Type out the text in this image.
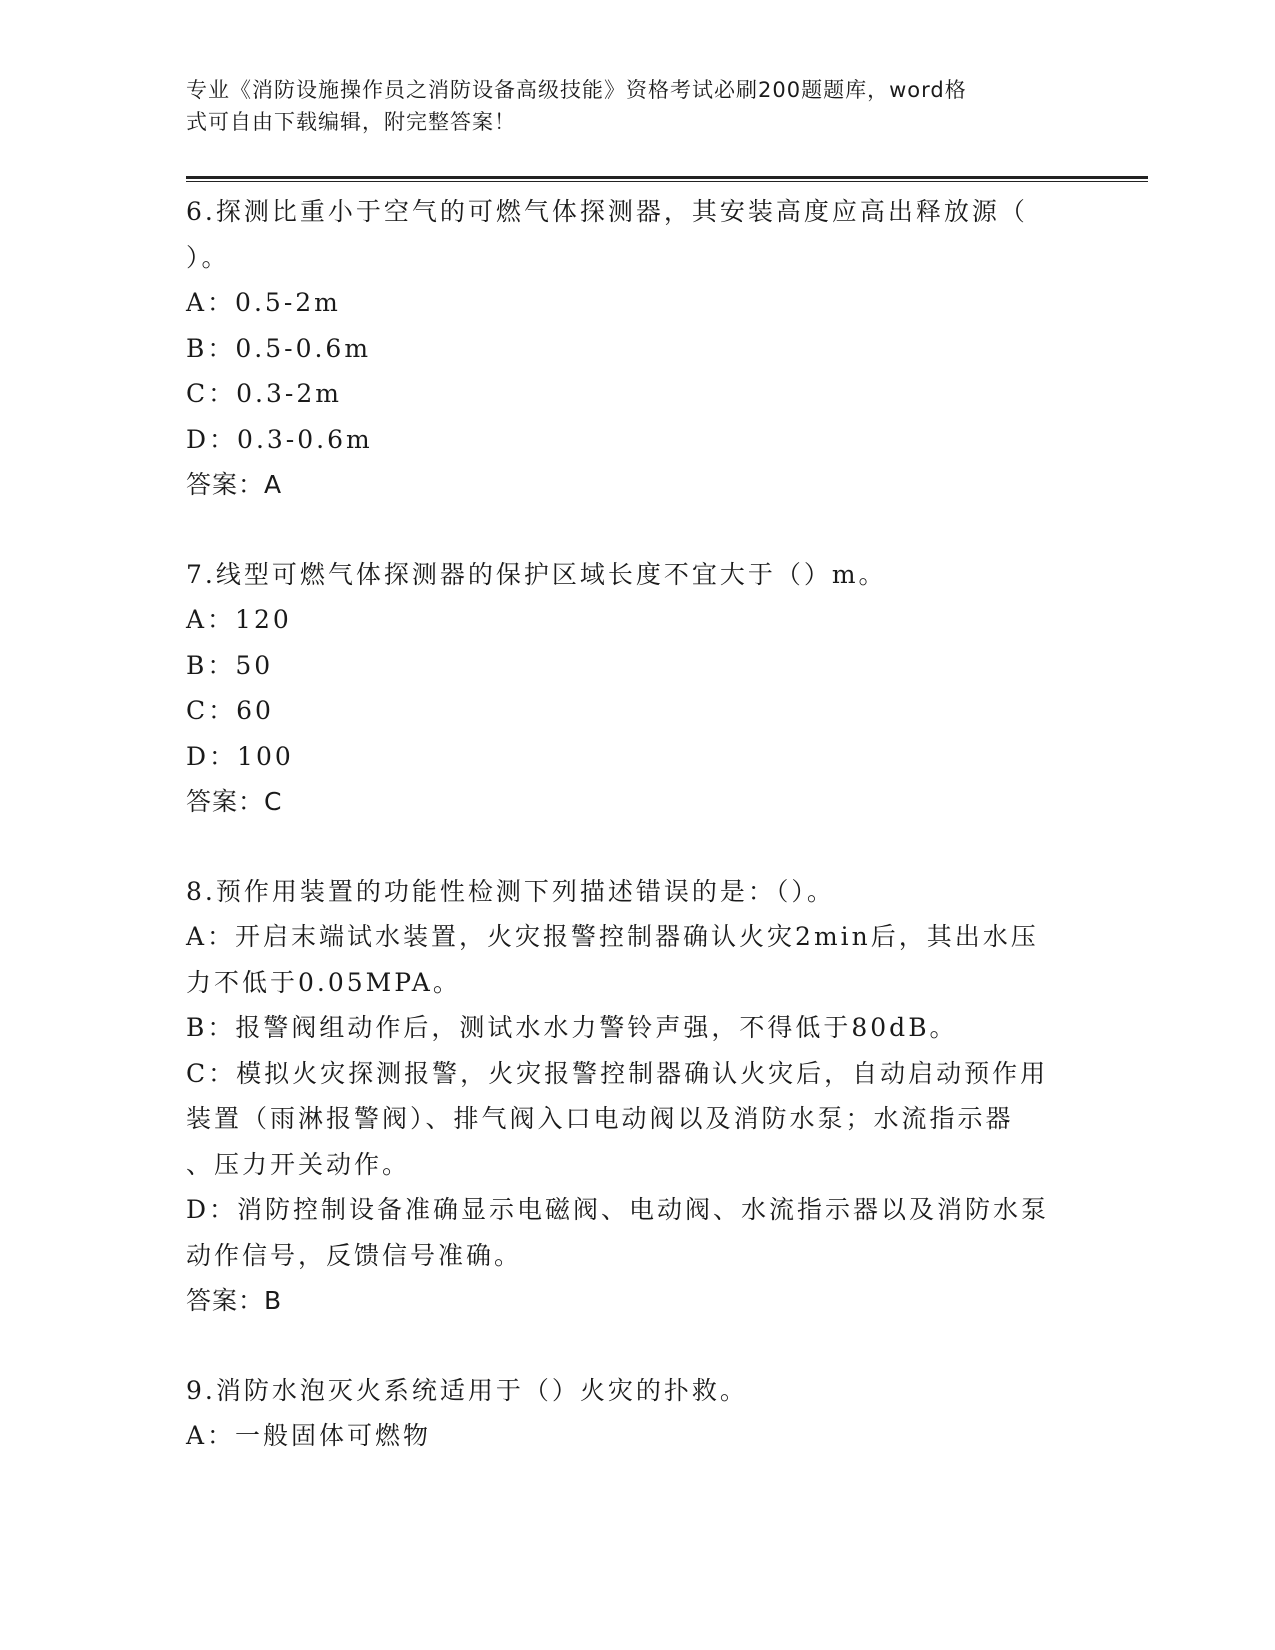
专业《消防设施操作员之消防设备高级技能》资格考试必刷200题题库，word格
式可自由下载编辑，附完整答案！
6.探测比重小于空气的可燃气体探测器，其安装高度应高出释放源（
）。
A：0.5-2m
B：0.5-0.6m
C：0.3-2m
D：0.3-0.6m
答案：A
7.线型可燃气体探测器的保护区域长度不宜大于（）m。
A：120
B：50
C：60
D：100
答案：C
8.预作用装置的功能性检测下列描述错误的是：（）。
A：开启末端试水装置，火灾报警控制器确认火灾2min后，其出水压
力不低于0.05MPA。
B：报警阀组动作后，测试水水力警铃声强，不得低于80dB。
C：模拟火灾探测报警，火灾报警控制器确认火灾后，自动启动预作用
装置（雨淋报警阀）、排气阀入口电动阀以及消防水泵；水流指示器
、压力开关动作。
D：消防控制设备准确显示电磁阀、电动阀、水流指示器以及消防水泵
动作信号，反馈信号准确。
答案：B
9.消防水泡灭火系统适用于（）火灾的扑救。
A：一般固体可燃物
